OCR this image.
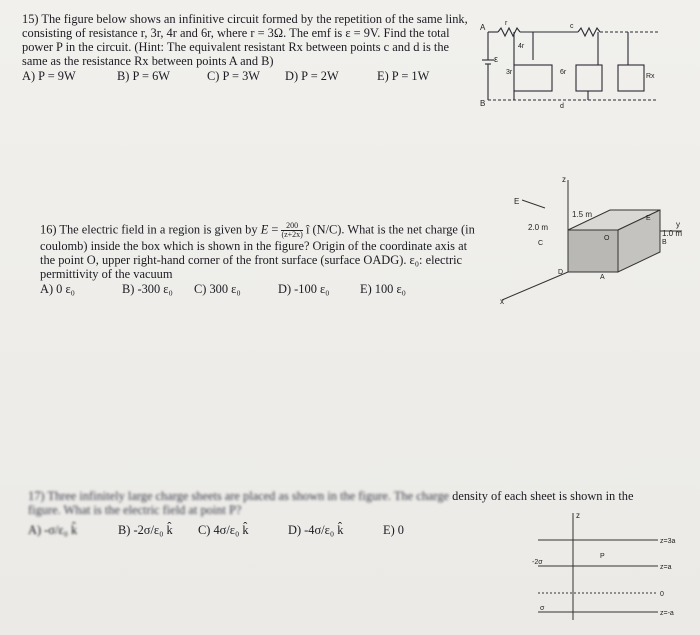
15) The figure below shows an infinitive circuit formed by the repetition of the same link, consisting of resistance r, 3r, 4r and 6r, where r = 3Ω. The emf is ε = 9V. Find the total power P in the circuit. (Hint: The equivalent resistant Rx between points c and d is the same as the resistance Rx between points A and B)
A) P = 9W	B) P = 6W	C) P = 3W	D) P = 2W	E) P = 1W
A
B
c
d
ε
r
4r
3r	6r
Rx
16) The electric field in a region is given by $E = \frac{200}{(z+2x)}$ î (N/C). What is the net charge (in coulomb) inside the box which is shown in the figure? Origin of the coordinate axis at the point O, upper right-hand corner of the front surface (surface OADG). ε₀: electric permittivity of the vacuum
A) 0 ε₀	B) -300 ε₀	C) 300 ε₀	D) -100 ε₀	E) 100 ε₀
z
y
x
1.5 m
2.0 m
1.0 m
O
A
C
D
E
B
E
17) Three infinitely large charge sheets are placed as shown in the figure. The charge density of each sheet is shown in the
figure. What is the electric field at point P?
A) -σ/ε₀ k̂	B) -2σ/ε₀ k̂	C) 4σ/ε₀ k̂	D) -4σ/ε₀ k̂	E) 0
z
P
-2σ
σ
z=3a
z=a
0
z=-a
